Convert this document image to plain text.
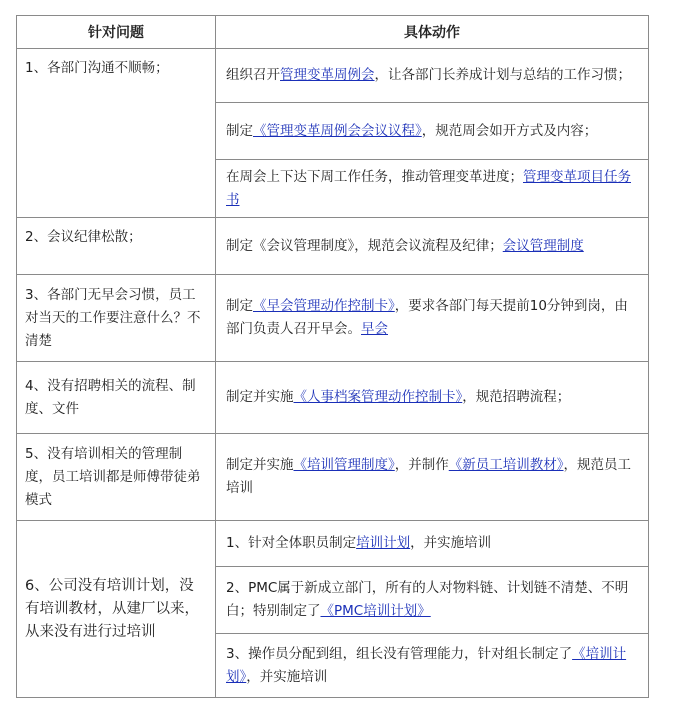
针对问题	具体动作
1、各部门沟通不顺畅；	组织召开管理变革周例会，让各部门长养成计划与总结的工作习惯；
	制定《管理变革周例会会议议程》，规范周会如开方式及内容；
	在周会上下达下周工作任务，推动管理变革进度；管理变革项目任务书
2、会议纪律松散；	制定《会议管理制度》，规范会议流程及纪律；会议管理制度
3、各部门无早会习惯，员工对当天的工作要注意什么？不清楚	制定《早会管理动作控制卡》，要求各部门每天提前10分钟到岗，由部门负责人召开早会。早会
4、没有招聘相关的流程、制度、文件	制定并实施《人事档案管理动作控制卡》，规范招聘流程；
5、没有培训相关的管理制度，员工培训都是师傅带徒弟模式	制定并实施《培训管理制度》，并制作《新员工培训教材》，规范员工培训
6、公司没有培训计划，没有培训教材，从建厂以来，从来没有进行过培训	1、针对全体职员制定培训计划，并实施培训
	2、PMC属于新成立部门，所有的人对物料链、计划链不清楚、不明白；特别制定了《PMC培训计划》
	3、操作员分配到组，组长没有管理能力，针对组长制定了《培训计划》，并实施培训
